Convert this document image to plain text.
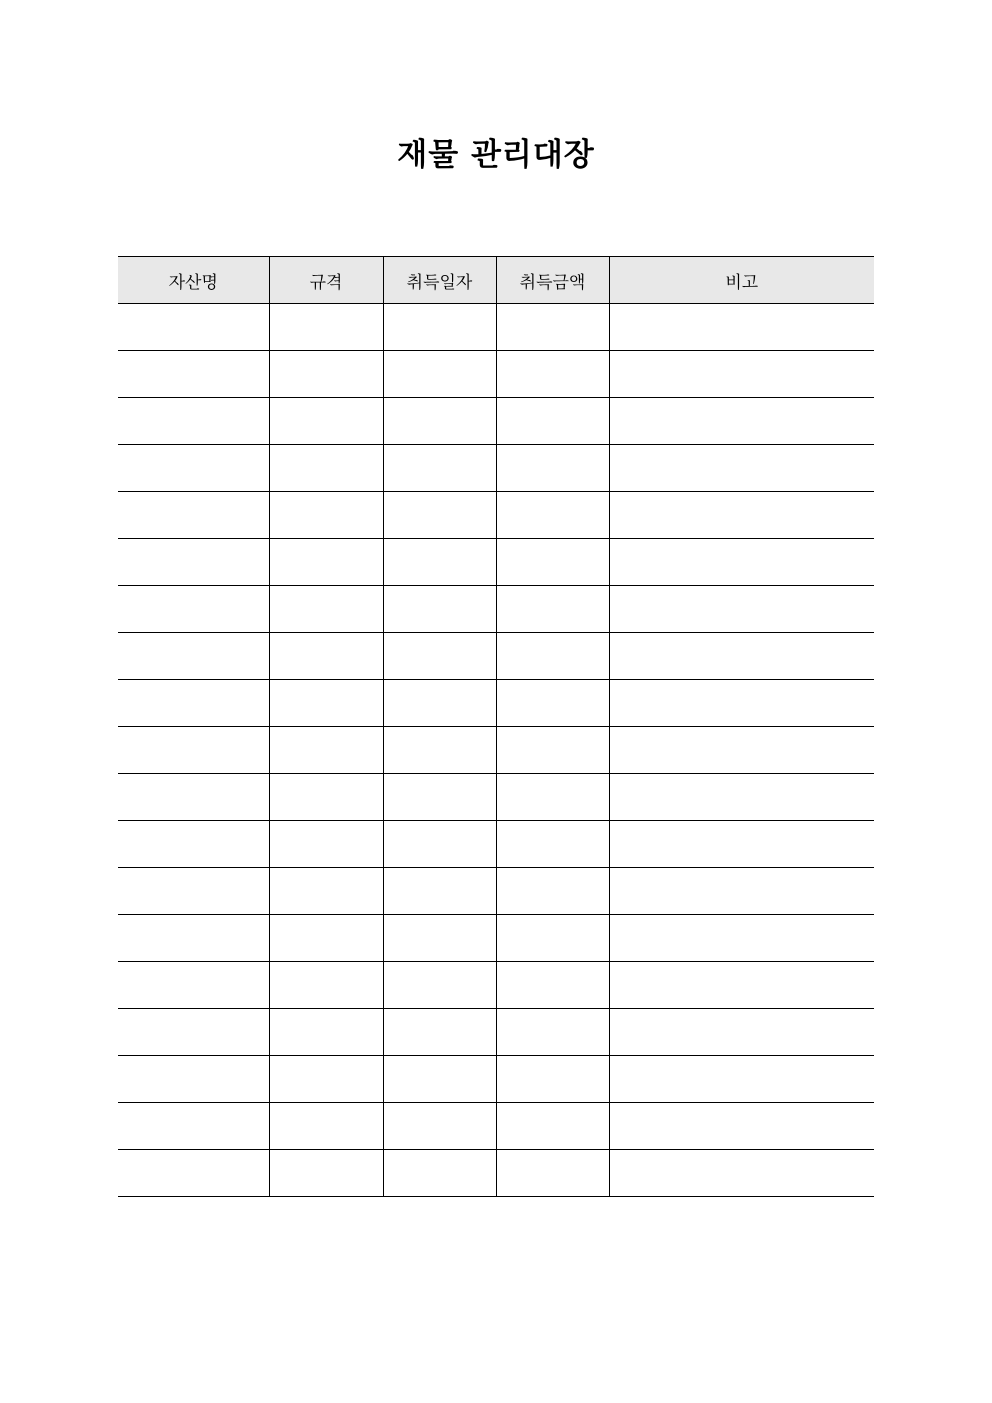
재물 관리대장
자산명	규격	취득일자	취득금액	비고
